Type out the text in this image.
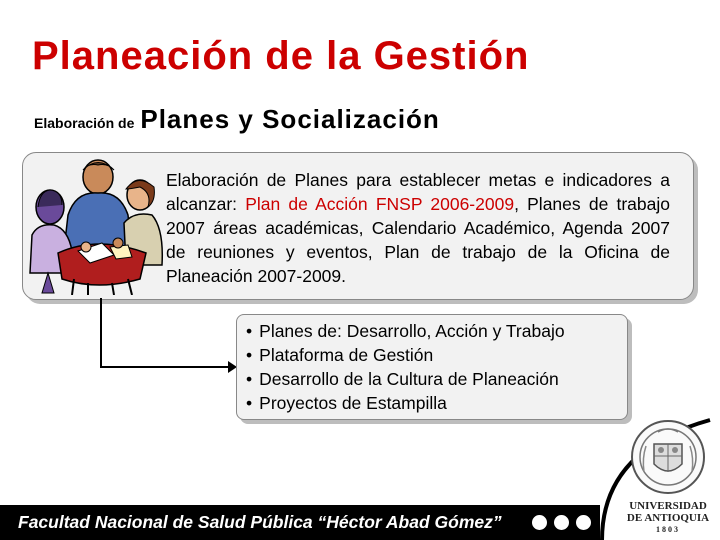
Planeación de la Gestión
Elaboración de Planes y Socialización
Elaboración de Planes para establecer metas e indicadores a alcanzar: Plan de Acción FNSP 2006-2009, Planes de trabajo 2007 áreas académicas, Calendario Académico, Agenda 2007 de reuniones y eventos, Plan de trabajo de la Oficina de Planeación 2007-2009.
• Planes de: Desarrollo, Acción y Trabajo
• Plataforma de Gestión
• Desarrollo de la Cultura de Planeación
• Proyectos de Estampilla
UNIVERSIDAD
DE ANTIOQUIA
1803
Facultad Nacional de Salud Pública “Héctor Abad Gómez”
